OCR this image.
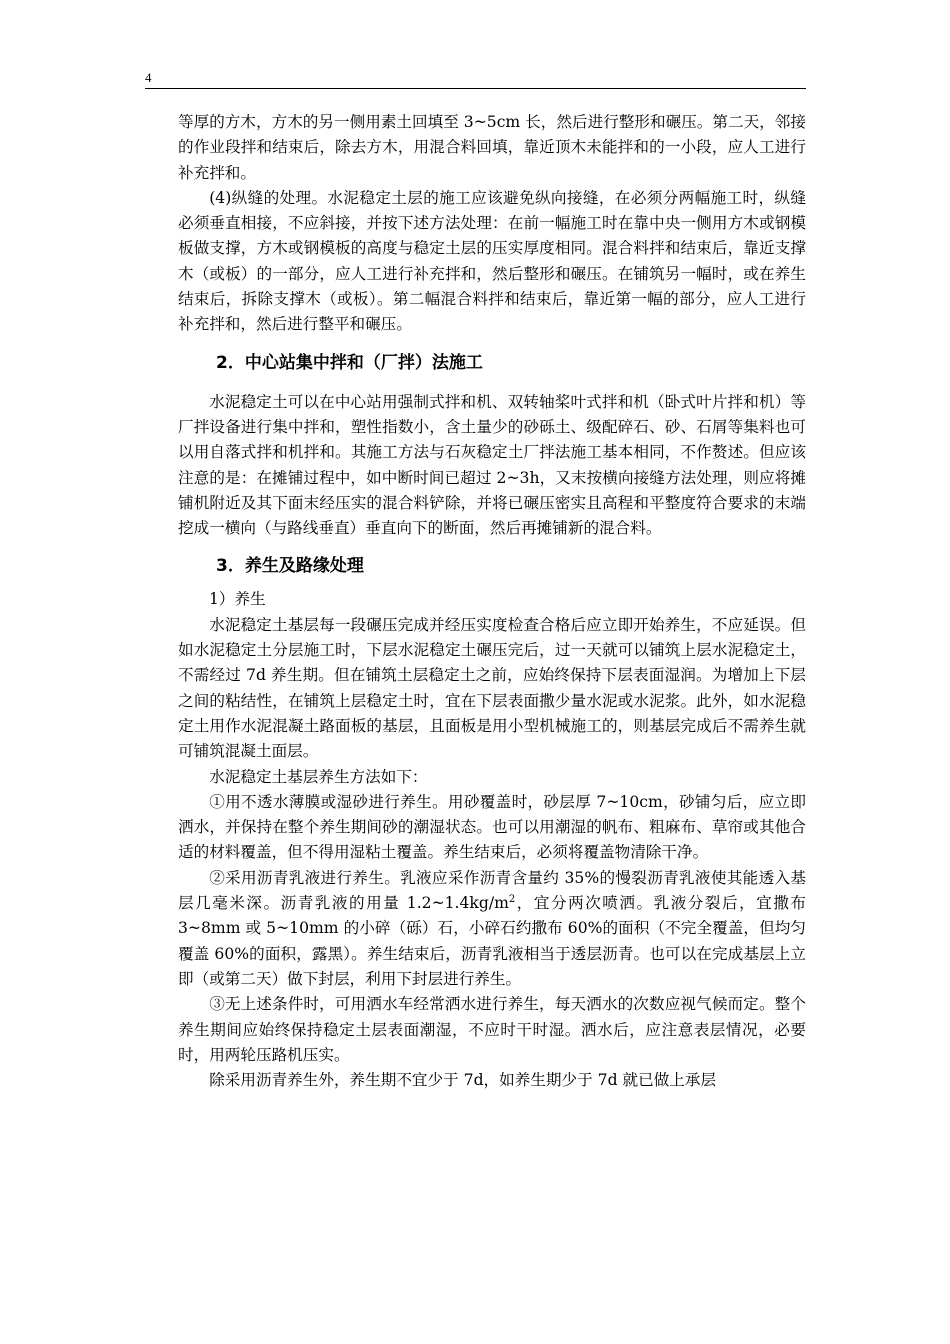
4

等厚的方木，方木的另一侧用素土回填至 3~5cm 长，然后进行整形和碾压。第二天，邻接的作业段拌和结束后，除去方木，用混合料回填，靠近顶木未能拌和的一小段，应人工进行补充拌和。

(4)纵缝的处理。水泥稳定土层的施工应该避免纵向接缝，在必须分两幅施工时，纵缝必须垂直相接，不应斜接，并按下述方法处理：在前一幅施工时在靠中央一侧用方木或钢模板做支撑，方木或钢模板的高度与稳定土层的压实厚度相同。混合料拌和结束后，靠近支撑木（或板）的一部分，应人工进行补充拌和，然后整形和碾压。在铺筑另一幅时，或在养生结束后，拆除支撑木（或板）。第二幅混合料拌和结束后，靠近第一幅的部分，应人工进行补充拌和，然后进行整平和碾压。

2．中心站集中拌和（厂拌）法施工

水泥稳定土可以在中心站用强制式拌和机、双转轴桨叶式拌和机（卧式叶片拌和机）等厂拌设备进行集中拌和，塑性指数小，含土量少的砂砾土、级配碎石、砂、石屑等集料也可以用自落式拌和机拌和。其施工方法与石灰稳定土厂拌法施工基本相同，不作赘述。但应该注意的是：在摊铺过程中，如中断时间已超过 2~3h，又末按横向接缝方法处理，则应将摊铺机附近及其下面末经压实的混合料铲除，并将已碾压密实且高程和平整度符合要求的末端挖成一横向（与路线垂直）垂直向下的断面，然后再摊铺新的混合料。

3．养生及路缘处理

1）养生

水泥稳定土基层每一段碾压完成并经压实度检查合格后应立即开始养生，不应延误。但如水泥稳定土分层施工时，下层水泥稳定土碾压完后，过一天就可以铺筑上层水泥稳定土，不需经过 7d 养生期。但在铺筑土层稳定土之前，应始终保持下层表面湿润。为增加上下层之间的粘结性，在铺筑上层稳定土时，宜在下层表面撒少量水泥或水泥浆。此外，如水泥稳定土用作水泥混凝土路面板的基层，且面板是用小型机械施工的，则基层完成后不需养生就可铺筑混凝土面层。

水泥稳定土基层养生方法如下：

①用不透水薄膜或湿砂进行养生。用砂覆盖时，砂层厚 7~10cm，砂铺匀后，应立即洒水，并保持在整个养生期间砂的潮湿状态。也可以用潮湿的帆布、粗麻布、草帘或其他合适的材料覆盖，但不得用湿粘土覆盖。养生结束后，必须将覆盖物清除干净。

②采用沥青乳液进行养生。乳液应采作沥青含量约 35%的慢裂沥青乳液使其能透入基层几毫米深。沥青乳液的用量 $1.2\sim 1.4kg/m^2$，宜分两次喷洒。乳液分裂后，宜撒布 3~8mm 或 5~10mm 的小碎（砾）石，小碎石约撒布 60%的面积（不完全覆盖，但均匀覆盖 60%的面积，露黑）。养生结束后，沥青乳液相当于透层沥青。也可以在完成基层上立即（或第二天）做下封层，利用下封层进行养生。

③无上述条件时，可用洒水车经常洒水进行养生，每天洒水的次数应视气候而定。整个养生期间应始终保持稳定土层表面潮湿，不应时干时湿。洒水后，应注意表层情况，必要时，用两轮压路机压实。

除采用沥青养生外，养生期不宜少于 7d，如养生期少于 7d 就已做上承层
